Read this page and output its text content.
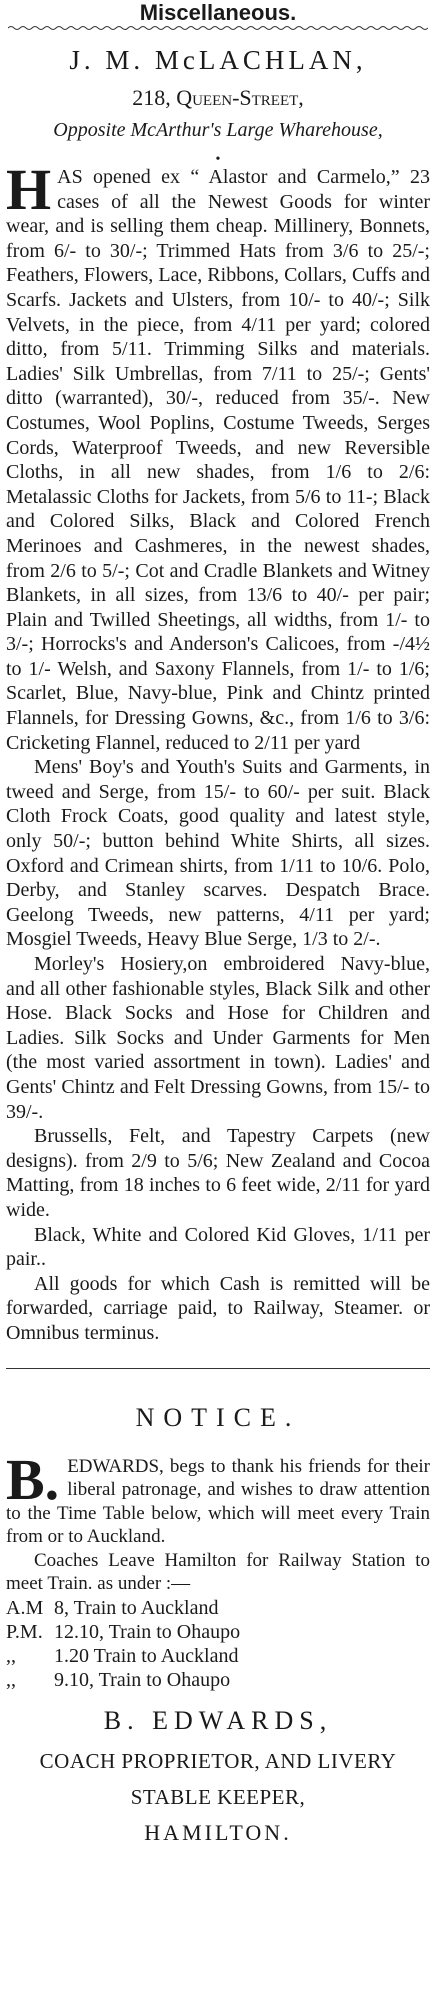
Miscellaneous.

J. M. McLACHLAN,

218, Queen-Street,

Opposite McArthur's Large Wharehouse,

•

H AS opened ex “ Alastor and Carmelo,” 23 cases of all the Newest Goods for winter wear, and is selling them cheap. Millinery, Bonnets, from 6/- to 30/-; Trimmed Hats from 3/6 to 25/-; Feathers, Flowers, Lace, Ribbons, Collars, Cuffs and Scarfs. Jackets and Ulsters, from 10/- to 40/-; Silk Velvets, in the piece, from 4/11 per yard; colored ditto, from 5/11. Trimming Silks and materials. Ladies' Silk Umbrellas, from 7/11 to 25/-; Gents' ditto (warranted), 30/-, reduced from 35/-. New Costumes, Wool Poplins, Costume Tweeds, Serges Cords, Waterproof Tweeds, and new Reversible Cloths, in all new shades, from 1/6 to 2/6: Metalassic Cloths for Jackets, from 5/6 to 11-; Black and Colored Silks, Black and Colored French Merinoes and Cashmeres, in the newest shades, from 2/6 to 5/-; Cot and Cradle Blankets and Witney Blankets, in all sizes, from 13/6 to 40/- per pair; Plain and Twilled Sheetings, all widths, from 1/- to 3/-; Horrocks's and Anderson's Calicoes, from -/4½ to 1/- Welsh, and Saxony Flannels, from 1/- to 1/6; Scarlet, Blue, Navy-blue, Pink and Chintz printed Flannels, for Dressing Gowns, &c., from 1/6 to 3/6: Cricketing Flannel, reduced to 2/11 per yard

Mens' Boy's and Youth's Suits and Garments, in tweed and Serge, from 15/- to 60/- per suit. Black Cloth Frock Coats, good quality and latest style, only 50/-; button behind White Shirts, all sizes. Oxford and Crimean shirts, from 1/11 to 10/6. Polo, Derby, and Stanley scarves. Despatch Brace. Geelong Tweeds, new patterns, 4/11 per yard; Mosgiel Tweeds, Heavy Blue Serge, 1/3 to 2/-.

Morley's Hosiery,on embroidered Navy-blue, and all other fashionable styles, Black Silk and other Hose. Black Socks and Hose for Children and Ladies. Silk Socks and Under Garments for Men (the most varied assortment in town). Ladies' and Gents' Chintz and Felt Dressing Gowns, from 15/- to 39/-.

Brussells, Felt, and Tapestry Carpets (new designs). from 2/9 to 5/6; New Zealand and Cocoa Matting, from 18 inches to 6 feet wide, 2/11 for yard wide.

Black, White and Colored Kid Gloves, 1/11 per pair..

All goods for which Cash is remitted will be forwarded, carriage paid, to Railway, Steamer. or Omnibus terminus.

NOTICE.

B. EDWARDS, begs to thank his friends for their liberal patronage, and wishes to draw attention to the Time Table below, which will meet every Train from or to Auckland.

Coaches Leave Hamilton for Railway Station to meet Train. as under :—

A.M 8, Train to Auckland
P.M. 12.10, Train to Ohaupo
,,	1.20 Train to Auckland
,,	9.10, Train to Ohaupo

B. EDWARDS,

COACH PROPRIETOR, AND LIVERY

STABLE KEEPER,

HAMILTON.
